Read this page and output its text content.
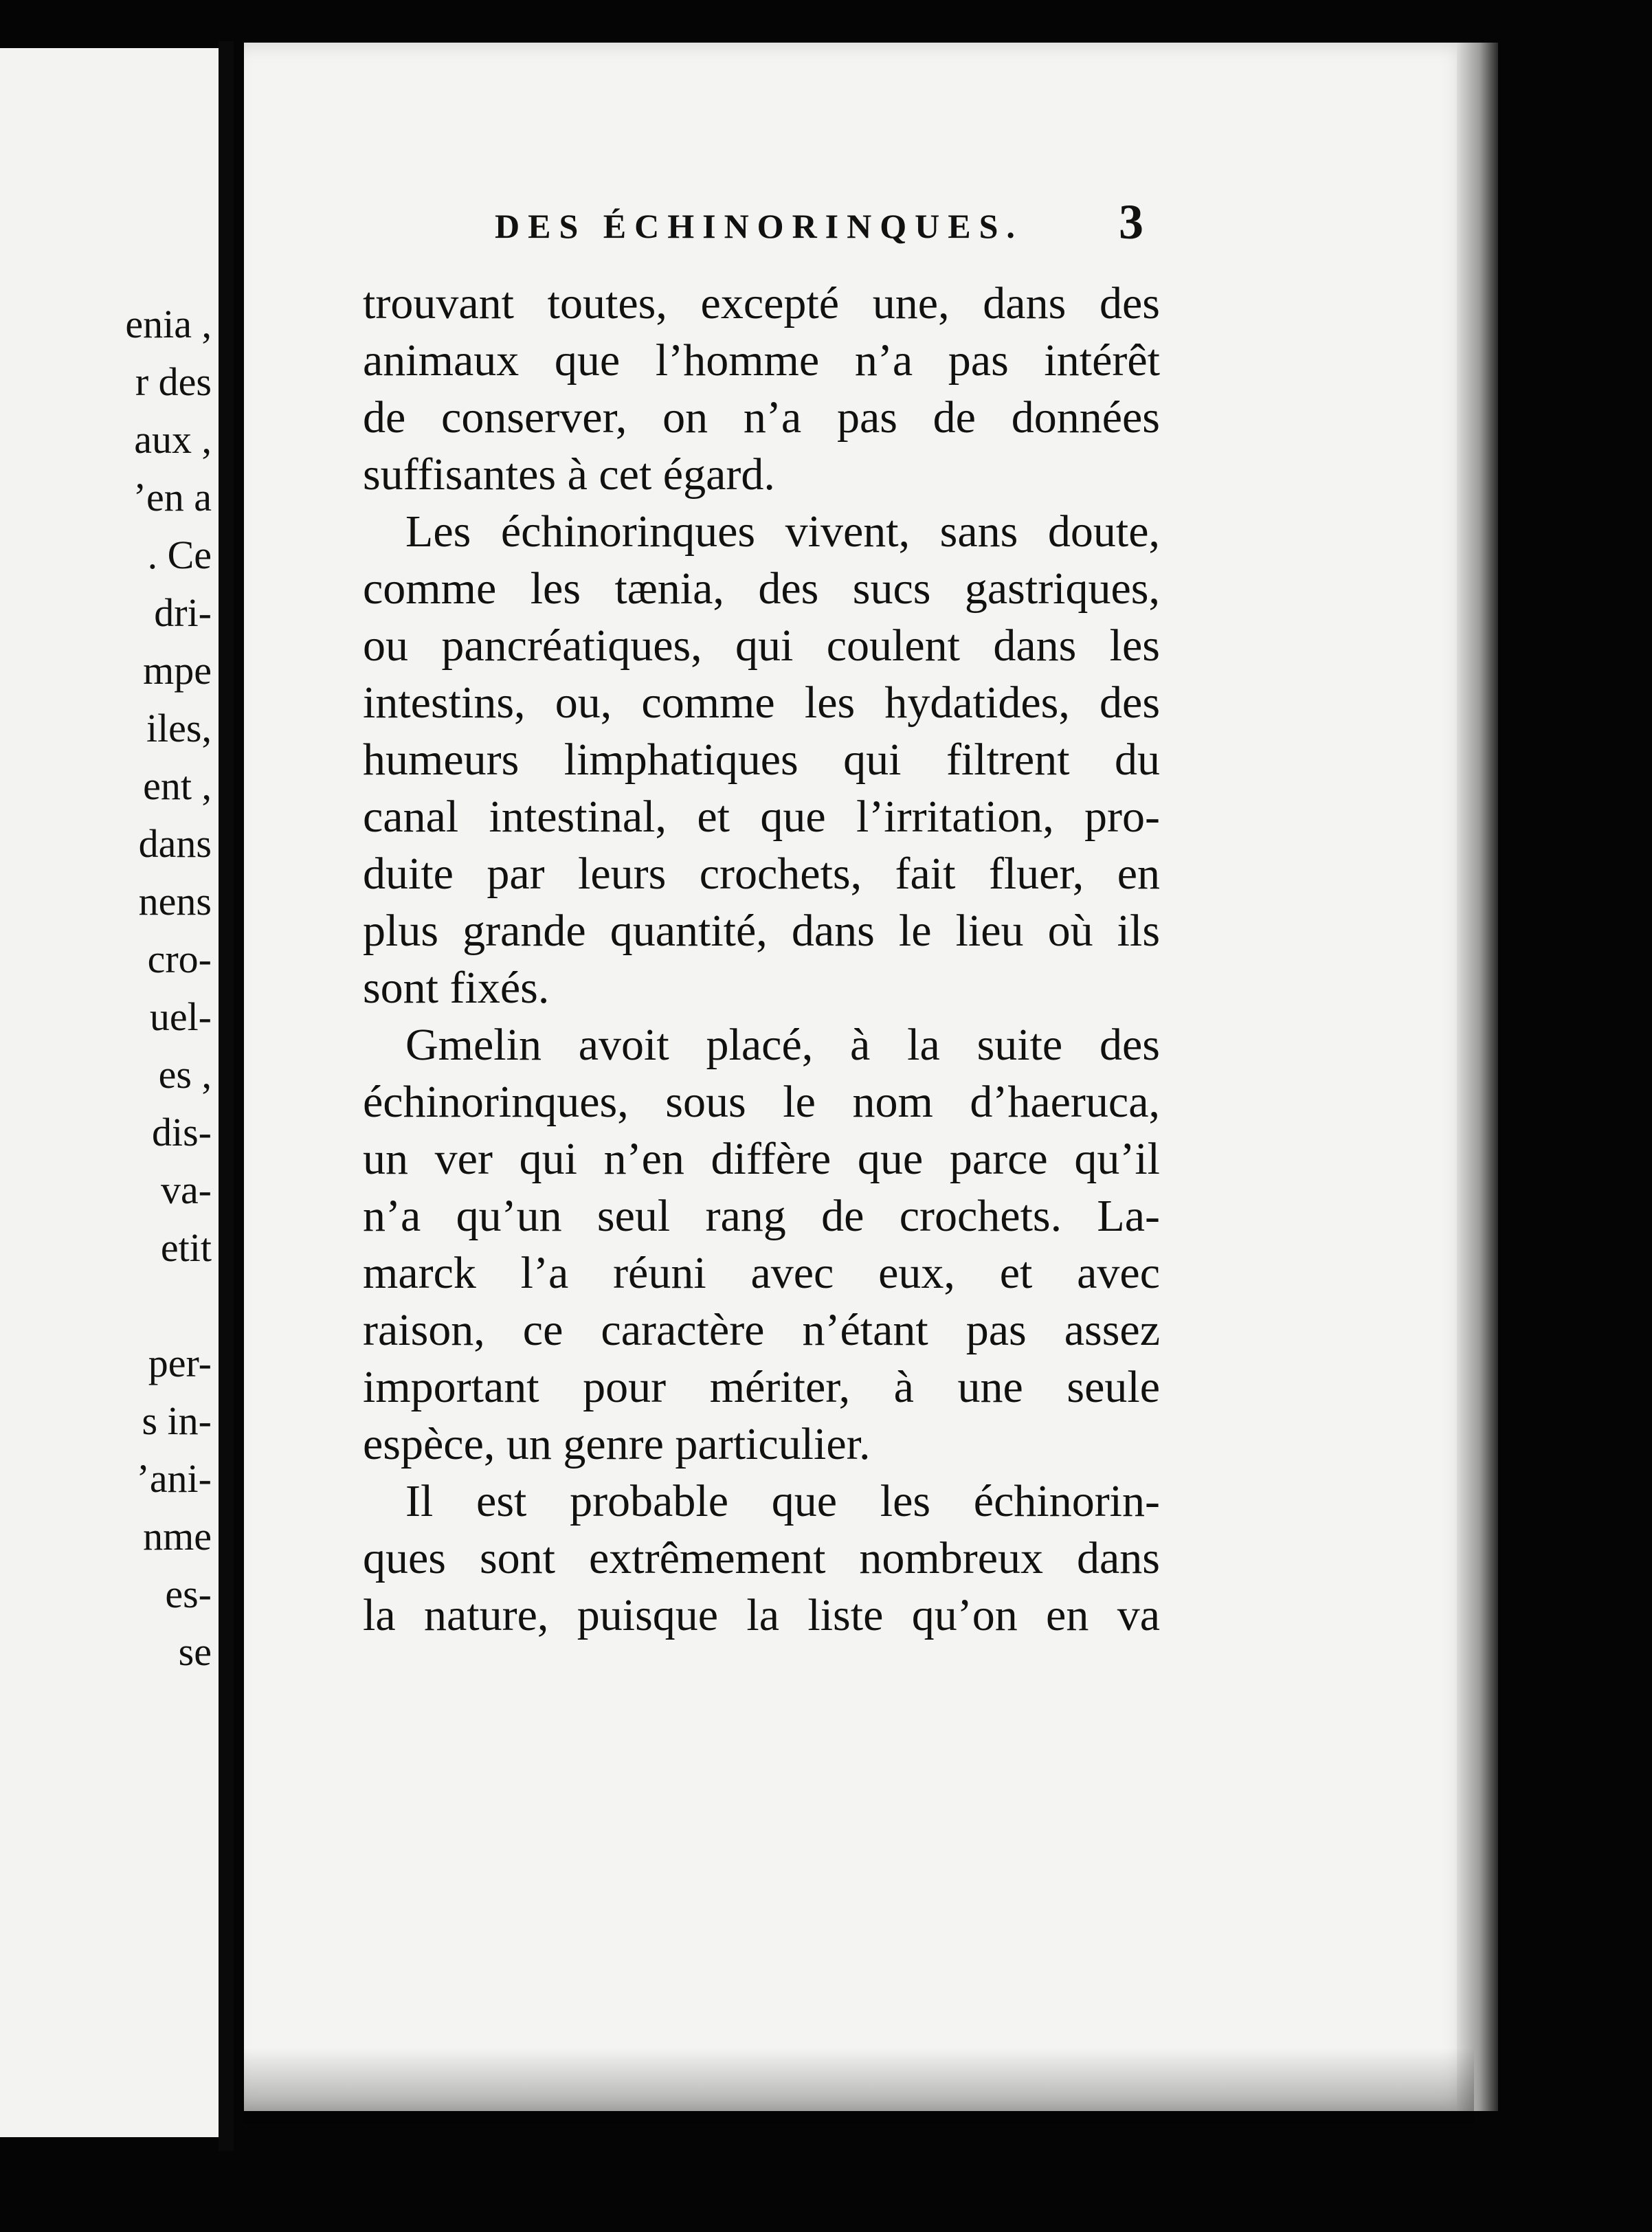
enia ,
r des
aux ,
’en a
. Ce
dri-
mpe
iles,
ent ,
dans
nens
cro-
uel-
es ,
dis-
va-
etit
per-
s in-
’ani-
nme
es-
se
DES ÉCHINORINQUES. 3
trouvant toutes, excepté une, dans des
animaux que l’homme n’a pas intérêt
de conserver, on n’a pas de données
suffisantes à cet égard.
Les échinorinques vivent, sans doute,
comme les tænia, des sucs gastriques,
ou pancréatiques, qui coulent dans les
intestins, ou, comme les hydatides, des
humeurs limphatiques qui filtrent du
canal intestinal, et que l’irritation, pro-
duite par leurs crochets, fait fluer, en
plus grande quantité, dans le lieu où ils
sont fixés.
Gmelin avoit placé, à la suite des
échinorinques, sous le nom d’haeruca,
un ver qui n’en diffère que parce qu’il
n’a qu’un seul rang de crochets. La-
marck l’a réuni avec eux, et avec
raison, ce caractère n’étant pas assez
important pour mériter, à une seule
espèce, un genre particulier.
Il est probable que les échinorin-
ques sont extrêmement nombreux dans
la nature, puisque la liste qu’on en va
